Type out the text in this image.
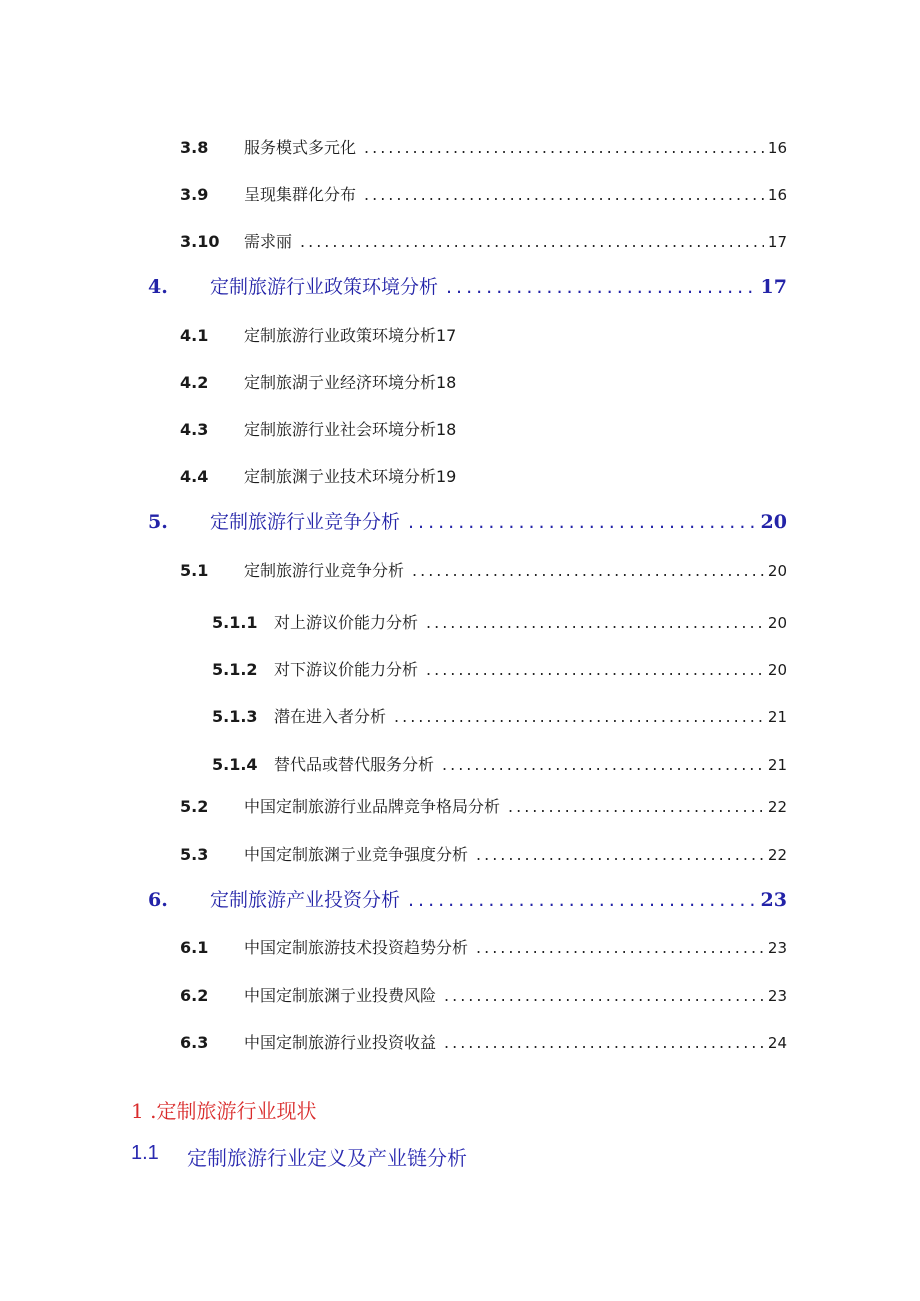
3.8	服务模式多元化 .....	16
3.9	呈现集群化分布 .....	16
3.10	需求丽 .....	17
4.	定制旅游行业政策环境分析 .....	17
4.1	定制旅游行业政策环境分析17
4.2	定制旅湖亍业经济环境分析18
4.3	定制旅游行业社会环境分析18
4.4	定制旅渊亍业技术环境分析19
5.	定制旅游行业竞争分析 .....	20
5.1	定制旅游行业竞争分析 .....	20
5.1.1	对上游议价能力分析 .....	20
5.1.2	对下游议价能力分析 .....	20
5.1.3	潜在进入者分析 .....	21
5.1.4	替代品或替代服务分析 .....	21
5.2	中国定制旅游行业品牌竞争格局分析 .....	22
5.3	中国定制旅渊亍业竞争强度分析 .....	22
6.	定制旅游产业投资分析 .....	23
6.1	中国定制旅游技术投资趋势分析 .....	23
6.2	中国定制旅渊亍业投费风险 .....	23
6.3	中国定制旅游行业投资收益 .....	24
1 .定制旅游行业现状
1.1	定制旅游行业定义及产业链分析
